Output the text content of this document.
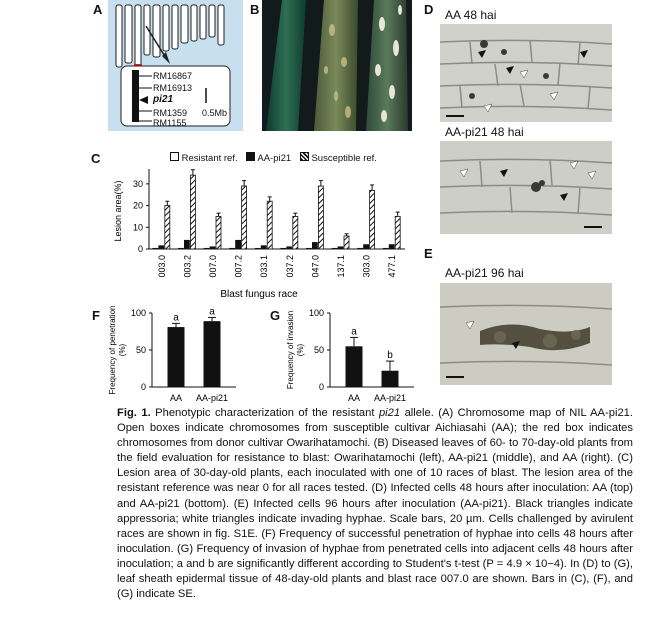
A
RM16867
RM16913
pi21
RM1359
RM1155
0.5Mb
B
C	Resistant ref. AA-pi21 Susceptible ref.
0
10
20
30
Lesion area(%)
003.0 003.2 007.0 007.2 033.1 037.2 047.0 137.1 303.0 477.1
Blast fungus race
F
0
50
100
Frequency of penetration (%)
a
AA
a
AA-pi21
G
0
50
100
Frequency of invasion (%)
a
AA
b
AA-pi21
D AA 48 hai
AA-pi21 48 hai
E
AA-pi21 96 hai
Fig. 1. Phenotypic characterization of the resistant pi21 allele. (A) Chromosome map of NIL AA-pi21. Open boxes indicate chromosomes from susceptible cultivar Aichiasahi (AA); the red box indicates chromosomes from donor cultivar Owarihatamochi. (B) Diseased leaves of 60- to 70-day-old plants from the field evaluation for resistance to blast: Owarihatamochi (left), AA-pi21 (middle), and AA (right). (C) Lesion area of 30-day-old plants, each inoculated with one of 10 races of blast. The lesion area of the resistant reference was near 0 for all races tested. (D) Infected cells 48 hours after inoculation: AA (top) and AA-pi21 (bottom). (E) Infected cells 96 hours after inoculation (AA-pi21). Black triangles indicate appressoria; white triangles indicate invading hyphae. Scale bars, 20 µm. Cells challenged by avirulent races are shown in fig. S1E. (F) Frequency of successful penetration of hyphae into cells 48 hours after inoculation. (G) Frequency of invasion of hyphae from penetrated cells into adjacent cells 48 hours after inoculation; a and b are significantly different according to Student's t-test (P = 4.9 × 10−4). In (D) to (G), leaf sheath epidermal tissue of 48-day-old plants and blast race 007.0 are shown. Bars in (C), (F), and (G) indicate SE.
